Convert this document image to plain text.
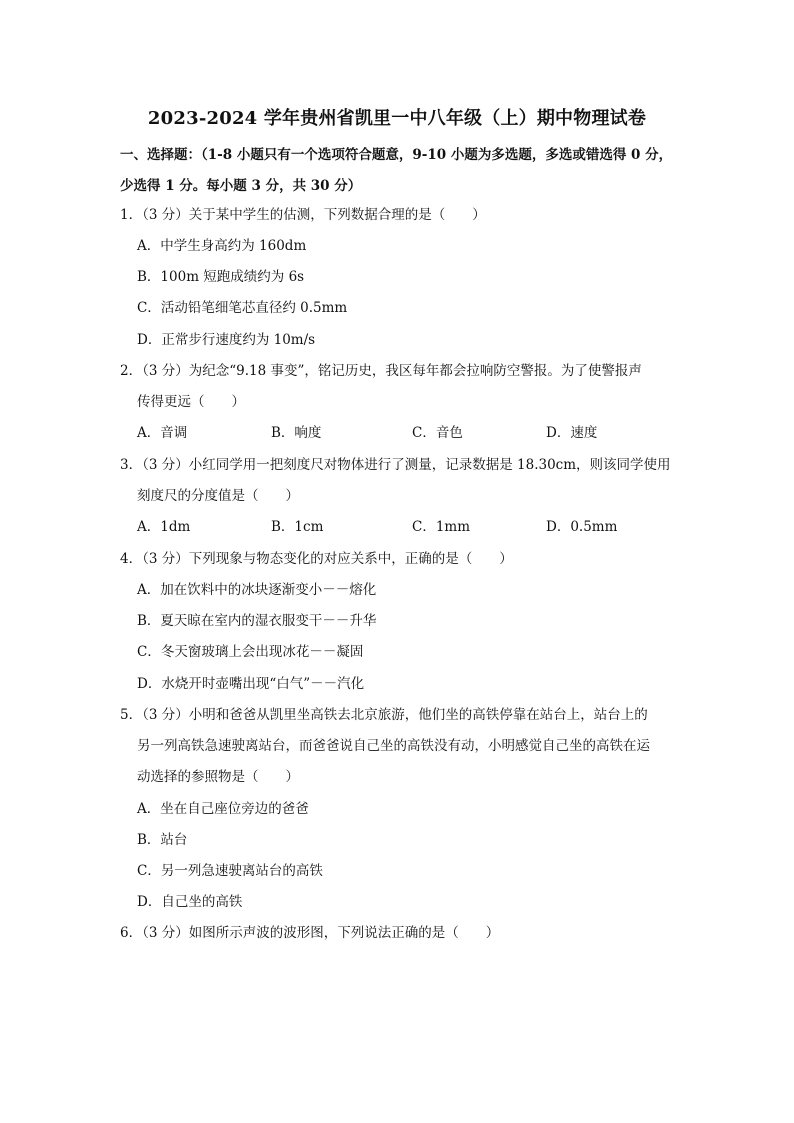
2023-2024 学年贵州省凯里一中八年级（上）期中物理试卷
一、选择题：（1-8 小题只有一个选项符合题意，9-10 小题为多选题，多选或错选得 0 分，
少选得 1 分。每小题 3 分，共 30 分）
1．（3 分）关于某中学生的估测，下列数据合理的是（　　）
A．中学生身高约为 160dm
B．100m 短跑成绩约为 6s
C．活动铅笔细笔芯直径约 0.5mm
D．正常步行速度约为 10m/s
2．（3 分）为纪念“9.18 事变”，铭记历史，我区每年都会拉响防空警报。为了使警报声
传得更远（　　）
A．音调	B．响度	C．音色	D．速度
3．（3 分）小红同学用一把刻度尺对物体进行了测量，记录数据是 18.30cm，则该同学使用
刻度尺的分度值是（　　）
A．1dm	B．1cm	C．1mm	D．0.5mm
4．（3 分）下列现象与物态变化的对应关系中，正确的是（　　）
A．加在饮料中的冰块逐渐变小－－熔化
B．夏天晾在室内的湿衣服变干－－升华
C．冬天窗玻璃上会出现冰花－－凝固
D．水烧开时壶嘴出现“白气”－－汽化
5．（3 分）小明和爸爸从凯里坐高铁去北京旅游，他们坐的高铁停靠在站台上，站台上的
另一列高铁急速驶离站台，而爸爸说自己坐的高铁没有动，小明感觉自己坐的高铁在运
动选择的参照物是（　　）
A．坐在自己座位旁边的爸爸
B．站台
C．另一列急速驶离站台的高铁
D．自己坐的高铁
6．（3 分）如图所示声波的波形图，下列说法正确的是（　　）
